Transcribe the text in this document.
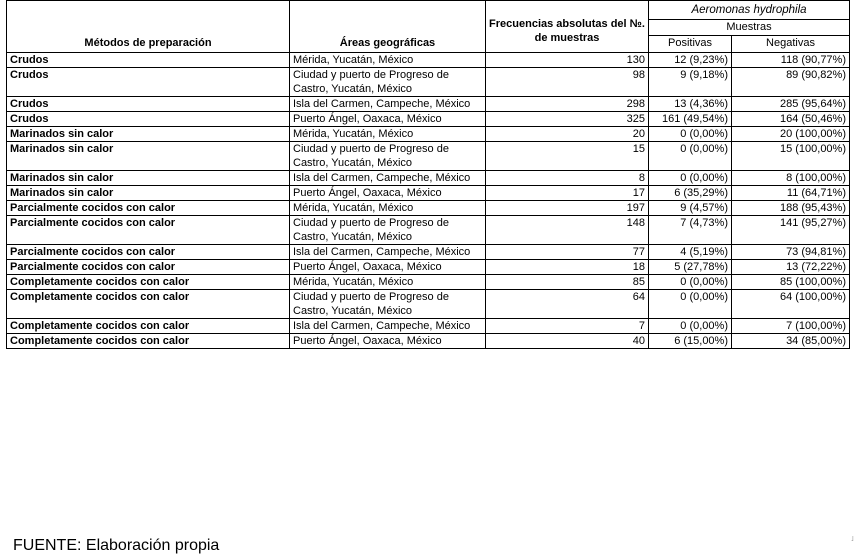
Métodos de preparación	Áreas geográficas	Frecuencias absolutas del №. de muestras	Aeromonas hydrophila	
			Muestras	
			Positivas	Negativas
Crudos	Mérida, Yucatán, México	130	12 (9,23%)	118 (90,77%)
Crudos	Ciudad y puerto de Progreso de Castro, Yucatán, México	98	9 (9,18%)	89 (90,82%)
Crudos	Isla del Carmen, Campeche, México	298	13 (4,36%)	285 (95,64%)
Crudos	Puerto Ángel, Oaxaca, México	325	161 (49,54%)	164 (50,46%)
Marinados sin calor	Mérida, Yucatán, México	20	0 (0,00%)	20 (100,00%)
Marinados sin calor	Ciudad y puerto de Progreso de Castro, Yucatán, México	15	0 (0,00%)	15 (100,00%)
Marinados sin calor	Isla del Carmen, Campeche, México	8	0 (0,00%)	8 (100,00%)
Marinados sin calor	Puerto Ángel, Oaxaca, México	17	6 (35,29%)	11 (64,71%)
Parcialmente cocidos con calor	Mérida, Yucatán, México	197	9 (4,57%)	188 (95,43%)
Parcialmente cocidos con calor	Ciudad y puerto de Progreso de Castro, Yucatán, México	148	7 (4,73%)	141 (95,27%)
Parcialmente cocidos con calor	Isla del Carmen, Campeche, México	77	4 (5,19%)	73 (94,81%)
Parcialmente cocidos con calor	Puerto Ángel, Oaxaca, México	18	5 (27,78%)	13 (72,22%)
Completamente cocidos con calor	Mérida, Yucatán, México	85	0 (0,00%)	85 (100,00%)
Completamente cocidos con calor	Ciudad y puerto de Progreso de Castro, Yucatán, México	64	0 (0,00%)	64 (100,00%)
Completamente cocidos con calor	Isla del Carmen, Campeche, México	7	0 (0,00%)	7 (100,00%)
Completamente cocidos con calor	Puerto Ángel, Oaxaca, México	40	6 (15,00%)	34 (85,00%)
FUENTE: Elaboración propia	˩
